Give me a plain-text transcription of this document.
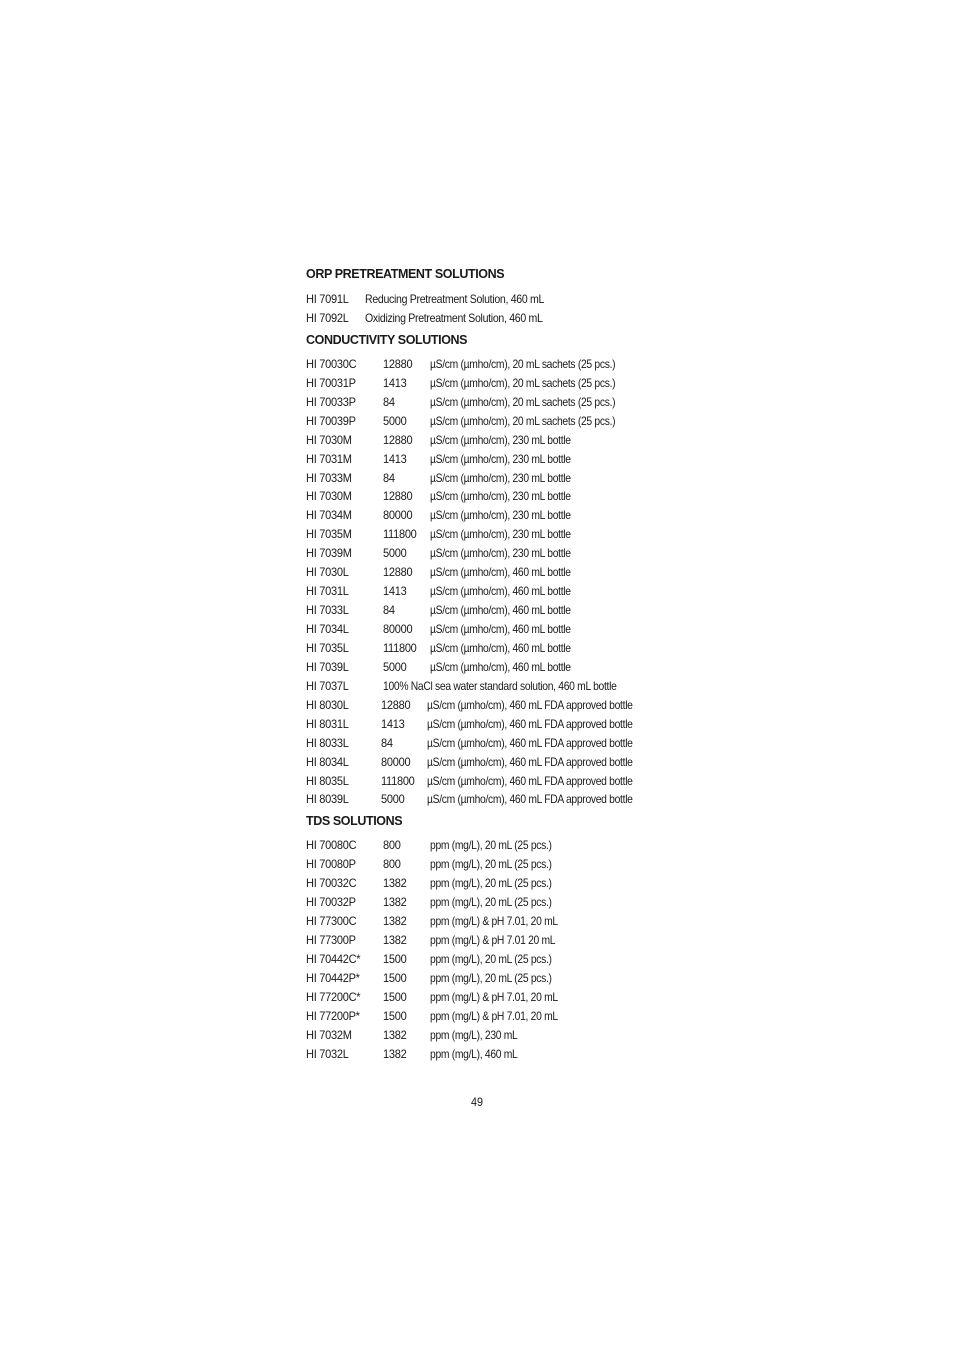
ORP PRETREATMENT SOLUTIONS
HI 7091L	Reducing Pretreatment Solution, 460 mL
HI 7092L	Oxidizing Pretreatment Solution, 460 mL
CONDUCTIVITY SOLUTIONS
HI 70030C	12880	µS/cm (µmho/cm), 20 mL sachets (25 pcs.)
HI 70031P	1413	µS/cm (µmho/cm), 20 mL sachets (25 pcs.)
HI 70033P	84	µS/cm (µmho/cm), 20 mL sachets (25 pcs.)
HI 70039P	5000	µS/cm (µmho/cm), 20 mL sachets (25 pcs.)
HI 7030M	12880	µS/cm (µmho/cm), 230 mL bottle
HI 7031M	1413	µS/cm (µmho/cm), 230 mL bottle
HI 7033M	84	µS/cm (µmho/cm), 230 mL bottle
HI 7030M	12880	µS/cm (µmho/cm), 230 mL bottle
HI 7034M	80000	µS/cm (µmho/cm), 230 mL bottle
HI 7035M	111800	µS/cm (µmho/cm), 230 mL bottle
HI 7039M	5000	µS/cm (µmho/cm), 230 mL bottle
HI 7030L	12880	µS/cm (µmho/cm), 460 mL bottle
HI 7031L	1413	µS/cm (µmho/cm), 460 mL bottle
HI 7033L	84	µS/cm (µmho/cm), 460 mL bottle
HI 7034L	80000	µS/cm (µmho/cm), 460 mL bottle
HI 7035L	111800	µS/cm (µmho/cm), 460 mL bottle
HI 7039L	5000	µS/cm (µmho/cm), 460 mL bottle
HI 7037L	100% NaCl sea water standard solution, 460 mL bottle
HI 8030L	12880	µS/cm (µmho/cm), 460 mL FDA approved bottle
HI 8031L	1413	µS/cm (µmho/cm), 460 mL FDA approved bottle
HI 8033L	84	µS/cm (µmho/cm), 460 mL FDA approved bottle
HI 8034L	80000	µS/cm (µmho/cm), 460 mL FDA approved bottle
HI 8035L	111800	µS/cm (µmho/cm), 460 mL FDA approved bottle
HI 8039L	5000	µS/cm (µmho/cm), 460 mL FDA approved bottle
TDS SOLUTIONS
HI 70080C	800	ppm (mg/L), 20 mL (25 pcs.)
HI 70080P	800	ppm (mg/L), 20 mL (25 pcs.)
HI 70032C	1382	ppm (mg/L), 20 mL (25 pcs.)
HI 70032P	1382	ppm (mg/L), 20 mL (25 pcs.)
HI 77300C	1382	ppm (mg/L) & pH 7.01, 20 mL
HI 77300P	1382	ppm (mg/L) & pH 7.01 20 mL
HI 70442C*	1500	ppm (mg/L), 20 mL (25 pcs.)
HI 70442P*	1500	ppm (mg/L), 20 mL (25 pcs.)
HI 77200C*	1500	ppm (mg/L) & pH 7.01, 20 mL
HI 77200P*	1500	ppm (mg/L) & pH 7.01, 20 mL
HI 7032M	1382	ppm (mg/L), 230 mL
HI 7032L	1382	ppm (mg/L), 460 mL
49
